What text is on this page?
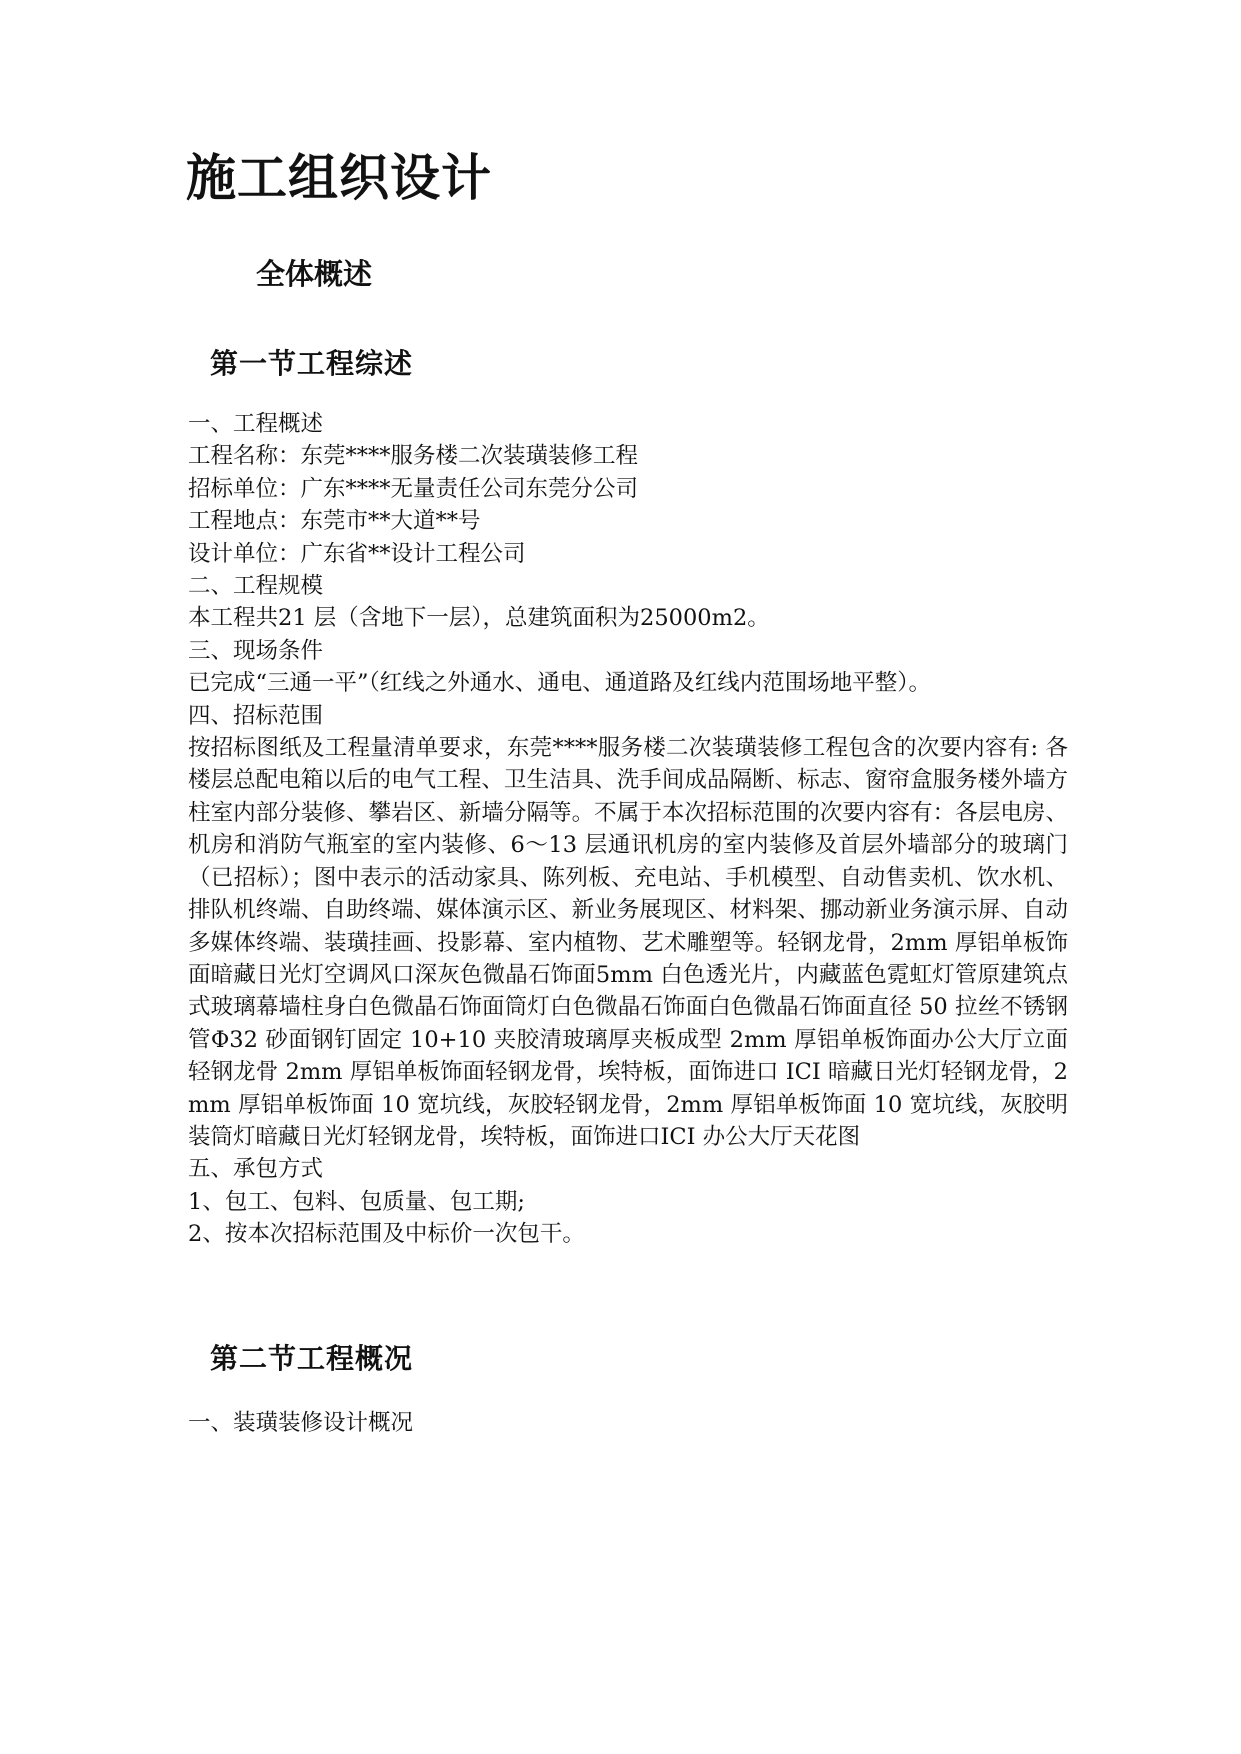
施工组织设计
全体概述
第一节工程综述
一、工程概述
工程名称：东莞****服务楼二次装璜装修工程
招标单位：广东****无量责任公司东莞分公司
工程地点：东莞市**大道**号
设计单位：广东省**设计工程公司
二、工程规模
本工程共21 层（含地下一层），总建筑面积为25000m2。
三、现场条件
已完成“三通一平”（红线之外通水、通电、通道路及红线内范围场地平整）。
四、招标范围

按招标图纸及工程量清单要求，东莞****服务楼二次装璜装修工程包含的次要内容有: 各楼层总配电箱以后的电气工程、卫生洁具、洗手间成品隔断、标志、窗帘盒服务楼外墙方柱室内部分装修、攀岩区、新墙分隔等。不属于本次招标范围的次要内容有：各层电房、机房和消防气瓶室的室内装修、6～13 层通讯机房的室内装修及首层外墙部分的玻璃门（已招标）；图中表示的活动家具、陈列板、充电站、手机模型、自动售卖机、饮水机、排队机终端、自助终端、媒体演示区、新业务展现区、材料架、挪动新业务演示屏、自动多媒体终端、装璜挂画、投影幕、室内植物、艺术雕塑等。轻钢龙骨，2mm 厚铝单板饰面暗藏日光灯空调风口深灰色微晶石饰面5mm 白色透光片，内藏蓝色霓虹灯管原建筑点式玻璃幕墙柱身白色微晶石饰面筒灯白色微晶石饰面白色微晶石饰面直径 50 拉丝不锈钢管Φ32 砂面钢钉固定 10+10 夹胶清玻璃厚夹板成型 2mm 厚铝单板饰面办公大厅立面轻钢龙骨 2mm 厚铝单板饰面轻钢龙骨，埃特板，面饰进口 ICI 暗藏日光灯轻钢龙骨，2mm 厚铝单板饰面 10 宽坑线，灰胶轻钢龙骨，2mm 厚铝单板饰面 10 宽坑线，灰胶明装筒灯暗藏日光灯轻钢龙骨，埃特板，面饰进口ICI 办公大厅天花图

五、承包方式
1、包工、包料、包质量、包工期;
2、按本次招标范围及中标价一次包干。
第二节工程概况
一、装璜装修设计概况
